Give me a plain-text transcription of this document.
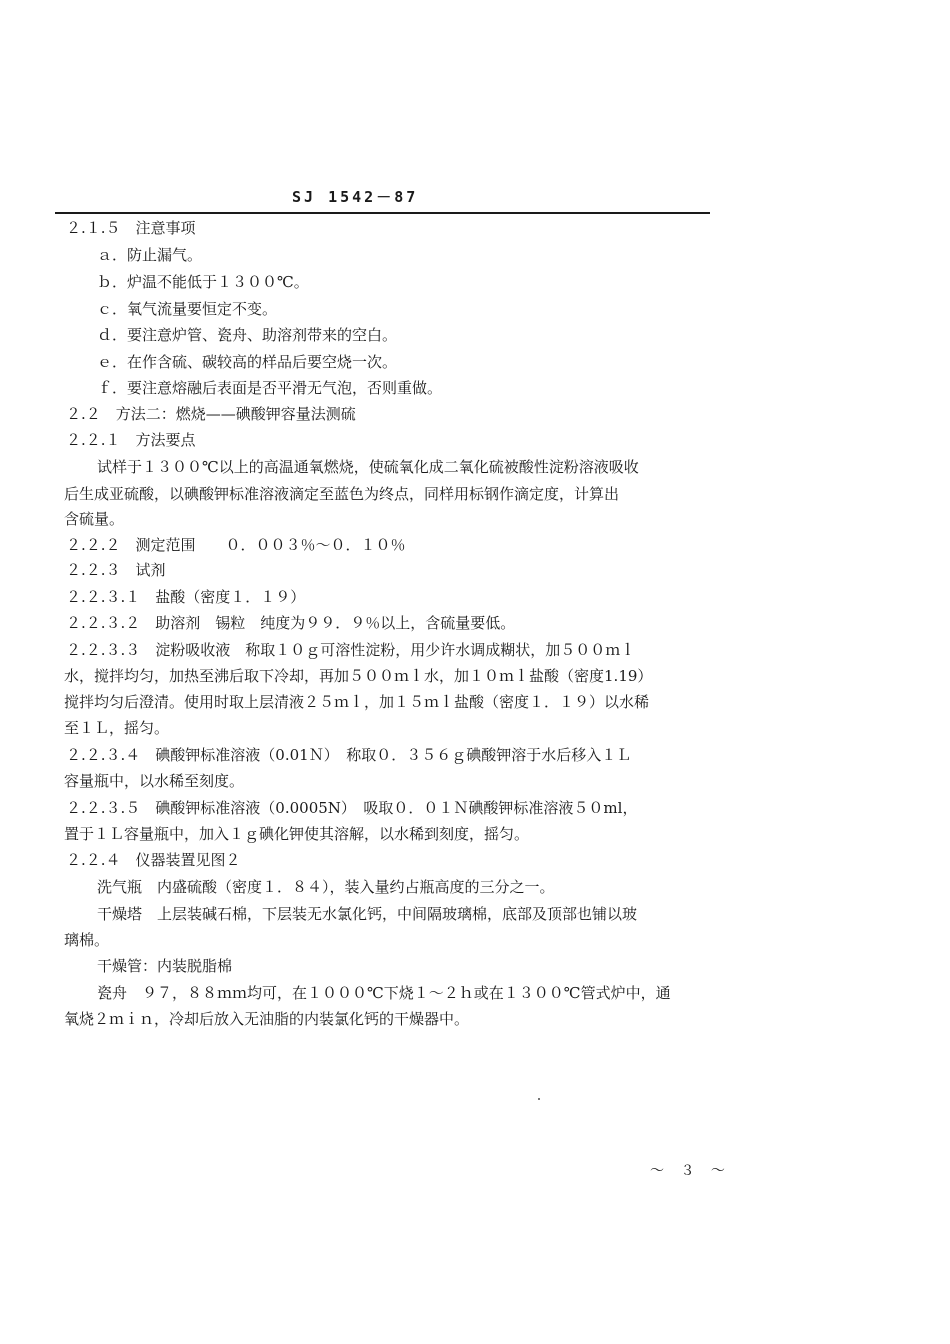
SJ 1542－87
２.１.５　注意事项
ａ．防止漏气。
ｂ．炉温不能低于１３００℃。
ｃ．氧气流量要恒定不变。
ｄ．要注意炉管、瓷舟、助溶剂带来的空白。
ｅ．在作含硫、碳较高的样品后要空烧一次。
ｆ．要注意熔融后表面是否平滑无气泡，否则重做。
２.２　方法二：燃烧——碘酸钾容量法测硫
２.２.１　方法要点
试样于１３００℃以上的高温通氧燃烧，使硫氧化成二氧化硫被酸性淀粉溶液吸收
后生成亚硫酸，以碘酸钾标准溶液滴定至蓝色为终点，同样用标钢作滴定度，计算出
含硫量。
２.２.２　测定范围　　０．００３％～０．１０％
２.２.３　试剂
２.２.３.１　盐酸（密度１．１９）
２.２.３.２　助溶剂　锡粒　纯度为９９．９％以上，含硫量要低。
２.２.３.３　淀粉吸收液　称取１０ｇ可溶性淀粉，用少许水调成糊状，加５００ｍｌ
水，搅拌均匀，加热至沸后取下冷却，再加５００ｍｌ水，加１０ｍｌ盐酸（密度1.19）
搅拌均匀后澄清。使用时取上层清液２５ｍｌ，加１５ｍｌ盐酸（密度１．１９）以水稀
至１Ｌ，摇匀。
２.２.３.４　碘酸钾标准溶液（0.01Ｎ）　称取０．３５６ｇ碘酸钾溶于水后移入１Ｌ
容量瓶中，以水稀至刻度。
２.２.３.５　碘酸钾标准溶液（0.0005N）　吸取０．０１Ｎ碘酸钾标准溶液５０ml，
置于１Ｌ容量瓶中，加入１ｇ碘化钾使其溶解，以水稀到刻度，摇匀。
２.２.４　仪器装置见图２
洗气瓶　内盛硫酸（密度１．８４），装入量约占瓶高度的三分之一。
干燥塔　上层装碱石棉，下层装无水氯化钙，中间隔玻璃棉，底部及顶部也铺以玻
璃棉。
干燥管：内装脱脂棉
瓷舟　９７，８８ｍｍ均可，在１０００℃下烧１～２ｈ或在１３００℃管式炉中，通
氧烧２ｍｉｎ，冷却后放入无油脂的内装氯化钙的干燥器中。
～ ３ ～
